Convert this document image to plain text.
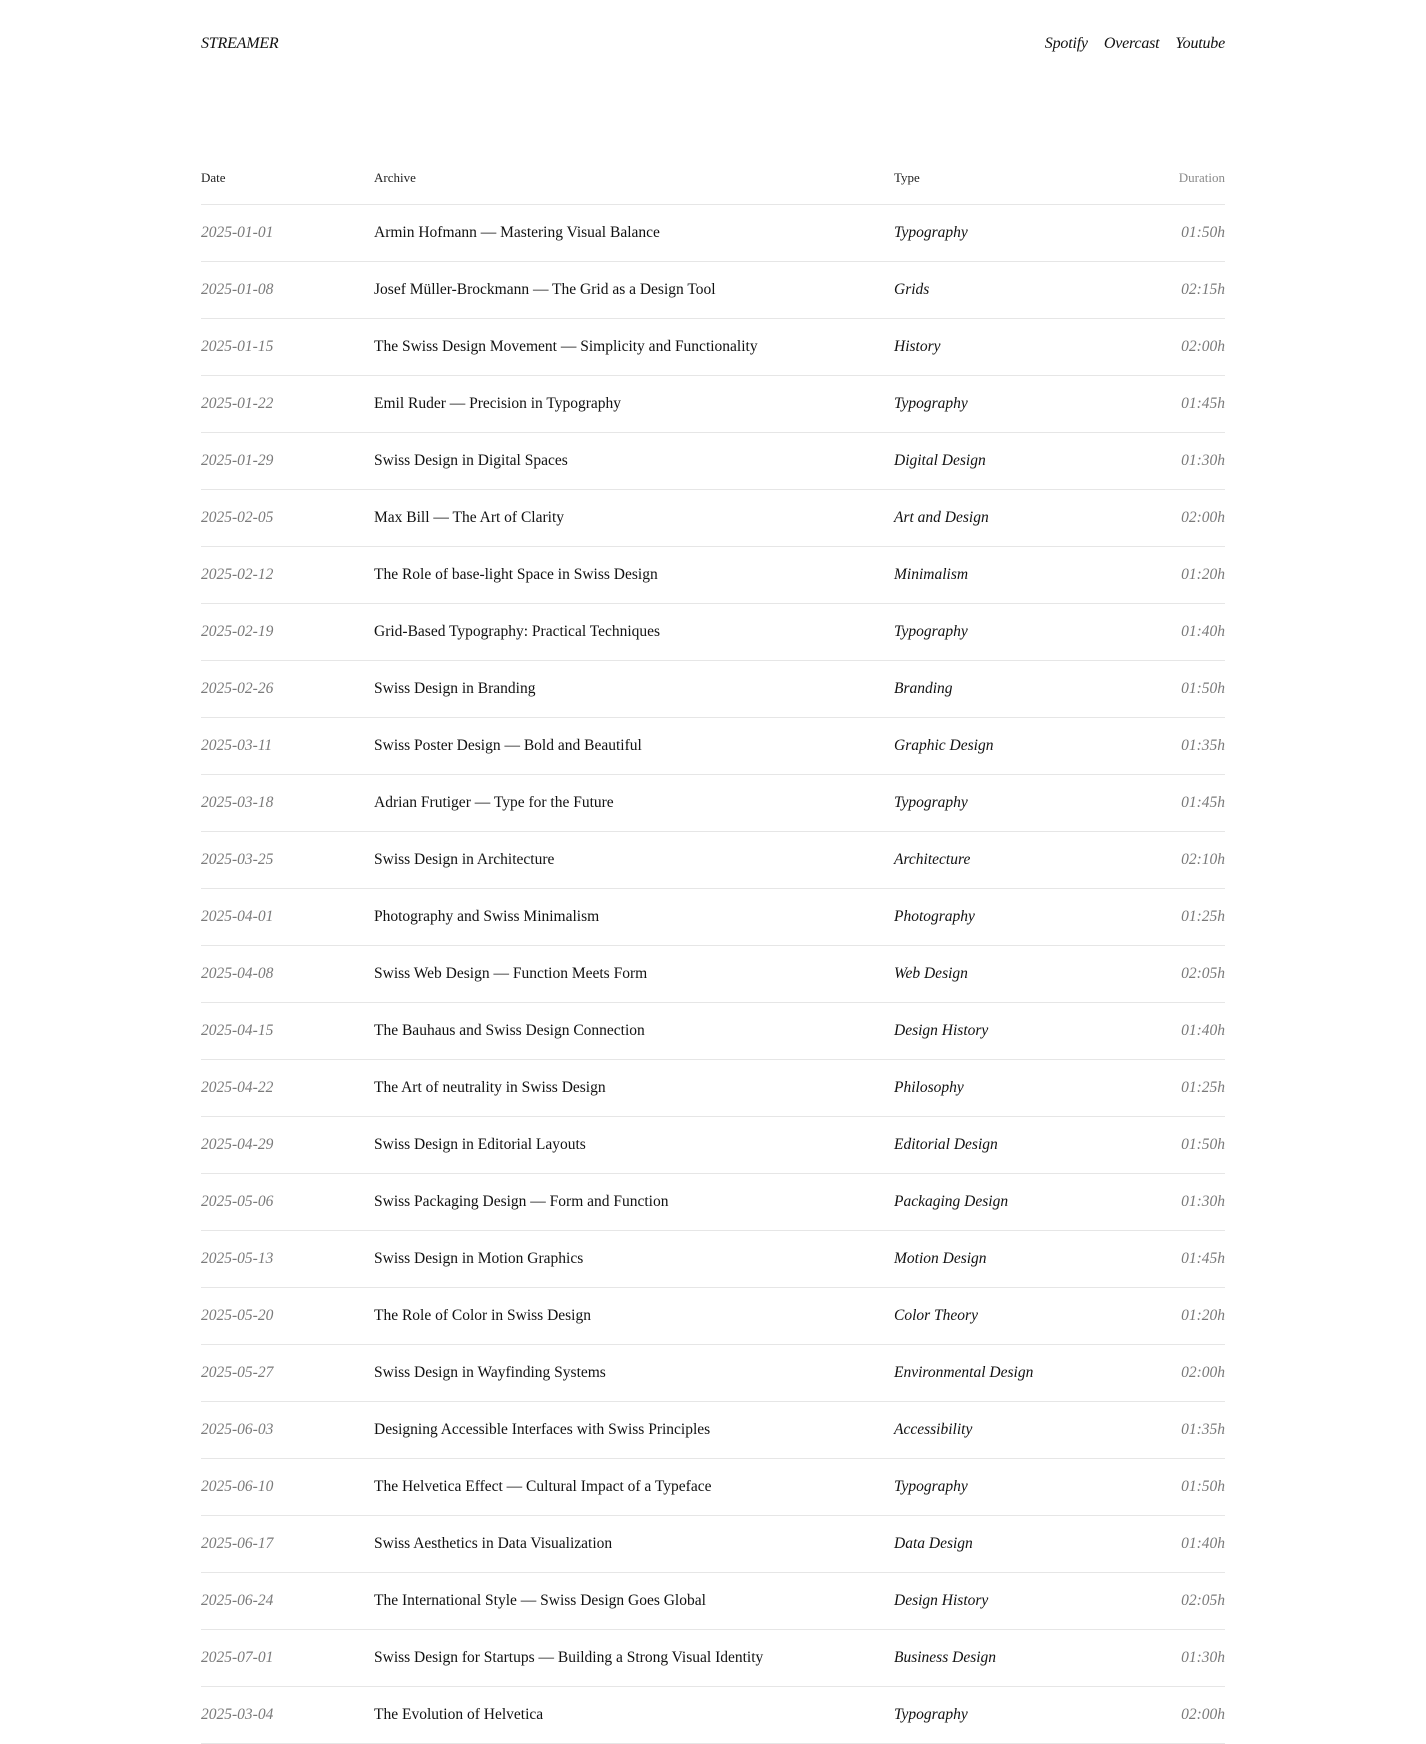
STREAMER	Spotify Overcast Youtube
Date	Archive	Type	Duration
2025-01-01	Armin Hofmann — Mastering Visual Balance	Typography	01:50h
2025-01-08	Josef Müller-Brockmann — The Grid as a Design Tool	Grids	02:15h
2025-01-15	The Swiss Design Movement — Simplicity and Functionality	History	02:00h
2025-01-22	Emil Ruder — Precision in Typography	Typography	01:45h
2025-01-29	Swiss Design in Digital Spaces	Digital Design	01:30h
2025-02-05	Max Bill — The Art of Clarity	Art and Design	02:00h
2025-02-12	The Role of base-light Space in Swiss Design	Minimalism	01:20h
2025-02-19	Grid-Based Typography: Practical Techniques	Typography	01:40h
2025-02-26	Swiss Design in Branding	Branding	01:50h
2025-03-11	Swiss Poster Design — Bold and Beautiful	Graphic Design	01:35h
2025-03-18	Adrian Frutiger — Type for the Future	Typography	01:45h
2025-03-25	Swiss Design in Architecture	Architecture	02:10h
2025-04-01	Photography and Swiss Minimalism	Photography	01:25h
2025-04-08	Swiss Web Design — Function Meets Form	Web Design	02:05h
2025-04-15	The Bauhaus and Swiss Design Connection	Design History	01:40h
2025-04-22	The Art of neutrality in Swiss Design	Philosophy	01:25h
2025-04-29	Swiss Design in Editorial Layouts	Editorial Design	01:50h
2025-05-06	Swiss Packaging Design — Form and Function	Packaging Design	01:30h
2025-05-13	Swiss Design in Motion Graphics	Motion Design	01:45h
2025-05-20	The Role of Color in Swiss Design	Color Theory	01:20h
2025-05-27	Swiss Design in Wayfinding Systems	Environmental Design	02:00h
2025-06-03	Designing Accessible Interfaces with Swiss Principles	Accessibility	01:35h
2025-06-10	The Helvetica Effect — Cultural Impact of a Typeface	Typography	01:50h
2025-06-17	Swiss Aesthetics in Data Visualization	Data Design	01:40h
2025-06-24	The International Style — Swiss Design Goes Global	Design History	02:05h
2025-07-01	Swiss Design for Startups — Building a Strong Visual Identity	Business Design	01:30h
2025-03-04	The Evolution of Helvetica	Typography	02:00h
